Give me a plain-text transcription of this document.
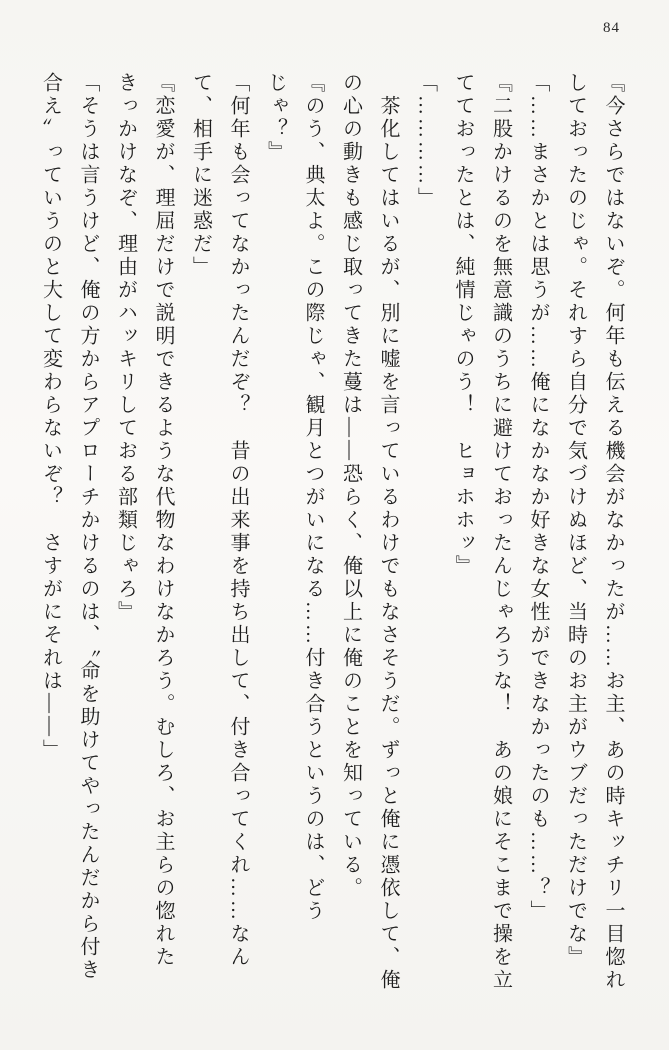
84

『今さらではないぞ。何年も伝える機会がなかったが……お主、あの時キッチリ一目惚れ

しておったのじゃ。それすら自分で気づけぬほど、当時のお主がウブだっただけでな』

「……まさかとは思うが……俺になかなか好きな女性ができなかったのも……？」

『二股かけるのを無意識のうちに避けておったんじゃろうな！　あの娘にそこまで操を立

てておったとは、純情じゃのう！　ヒョホホッ』

「…………」

　茶化してはいるが、別に嘘を言っているわけでもなさそうだ。ずっと俺に憑依して、俺

の心の動きも感じ取ってきた蔓は――恐らく、俺以上に俺のことを知っている。

『のう、典太よ。この際じゃ、観月とつがいになる……付き合うというのは、どう

じゃ？』

「何年も会ってなかったんだぞ？　昔の出来事を持ち出して、付き合ってくれ……なん

て、相手に迷惑だ」

『恋愛が、理屈だけで説明できるような代物なわけなかろう。むしろ、お主らの惚れた

きっかけなぞ、理由がハッキリしておる部類じゃろ』

「そうは言うけど、俺の方からアプローチかけるのは、〝命を助けてやったんだから付き

合え〟っていうのと大して変わらないぞ？　さすがにそれは――」
